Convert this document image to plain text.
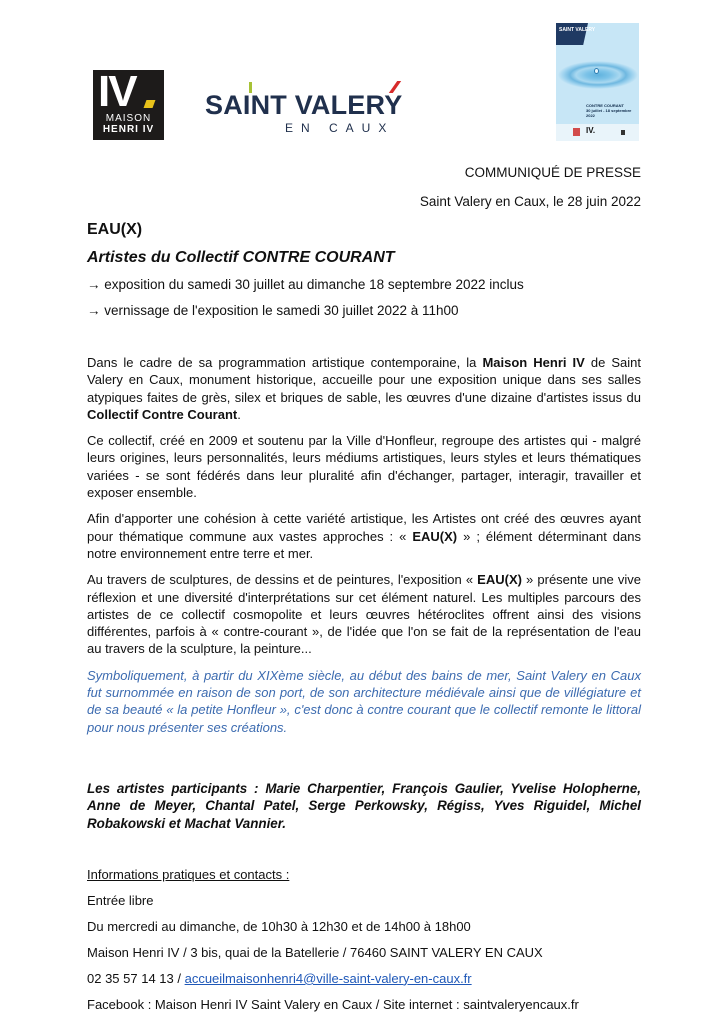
IV
MAISON
HENRI IV
SAINT VALERY
EN CAUX
SAINT VALERY
CONTRE COURANT
30 juillet - 18 septembre 2022
IV.
COMMUNIQUÉ DE PRESSE
Saint Valery en Caux, le 28 juin 2022
EAU(X)
Artistes du Collectif CONTRE COURANT
→ exposition du samedi 30 juillet au dimanche 18 septembre 2022 inclus
→ vernissage de l'exposition le samedi 30 juillet 2022 à 11h00

Dans le cadre de sa programmation artistique contemporaine, la Maison Henri IV de Saint Valery en Caux, monument historique, accueille pour une exposition unique dans ses salles atypiques faites de grès, silex et briques de sable, les œuvres d'une dizaine d'artistes issus du Collectif Contre Courant.

Ce collectif, créé en 2009 et soutenu par la Ville d'Honfleur, regroupe des artistes qui - malgré leurs origines, leurs personnalités, leurs médiums artistiques, leurs styles et leurs thématiques variées - se sont fédérés dans leur pluralité afin d'échanger, partager, interagir, travailler et exposer ensemble.

Afin d'apporter une cohésion à cette variété artistique, les Artistes ont créé des œuvres ayant pour thématique commune aux vastes approches : « EAU(X) » ; élément déterminant dans notre environnement entre terre et mer.

Au travers de sculptures, de dessins et de peintures, l'exposition « EAU(X) » présente une vive réflexion et une diversité d'interprétations sur cet élément naturel. Les multiples parcours des artistes de ce collectif cosmopolite et leurs œuvres hétéroclites offrent ainsi des visions différentes, parfois à « contre-courant », de l'idée que l'on se fait de la représentation de l'eau au travers de la sculpture, la peinture...

Symboliquement, à partir du XIXème siècle, au début des bains de mer, Saint Valery en Caux fut surnommée en raison de son port, de son architecture médiévale ainsi que de villégiature et de sa beauté « la petite Honfleur », c'est donc à contre courant que le collectif remonte le littoral pour nous présenter ses créations.

Les artistes participants : Marie Charpentier, François Gaulier, Yvelise Holopherne, Anne de Meyer, Chantal Patel, Serge Perkowsky, Régiss, Yves Riguidel, Michel Robakowski et Machat Vannier.

Informations pratiques et contacts :
Entrée libre
Du mercredi au dimanche, de 10h30 à 12h30 et de 14h00 à 18h00
Maison Henri IV / 3 bis, quai de la Batellerie / 76460 SAINT VALERY EN CAUX
02 35 57 14 13 / accueilmaisonhenri4@ville-saint-valery-en-caux.fr
Facebook : Maison Henri IV Saint Valery en Caux / Site internet : saintvaleryencaux.fr
